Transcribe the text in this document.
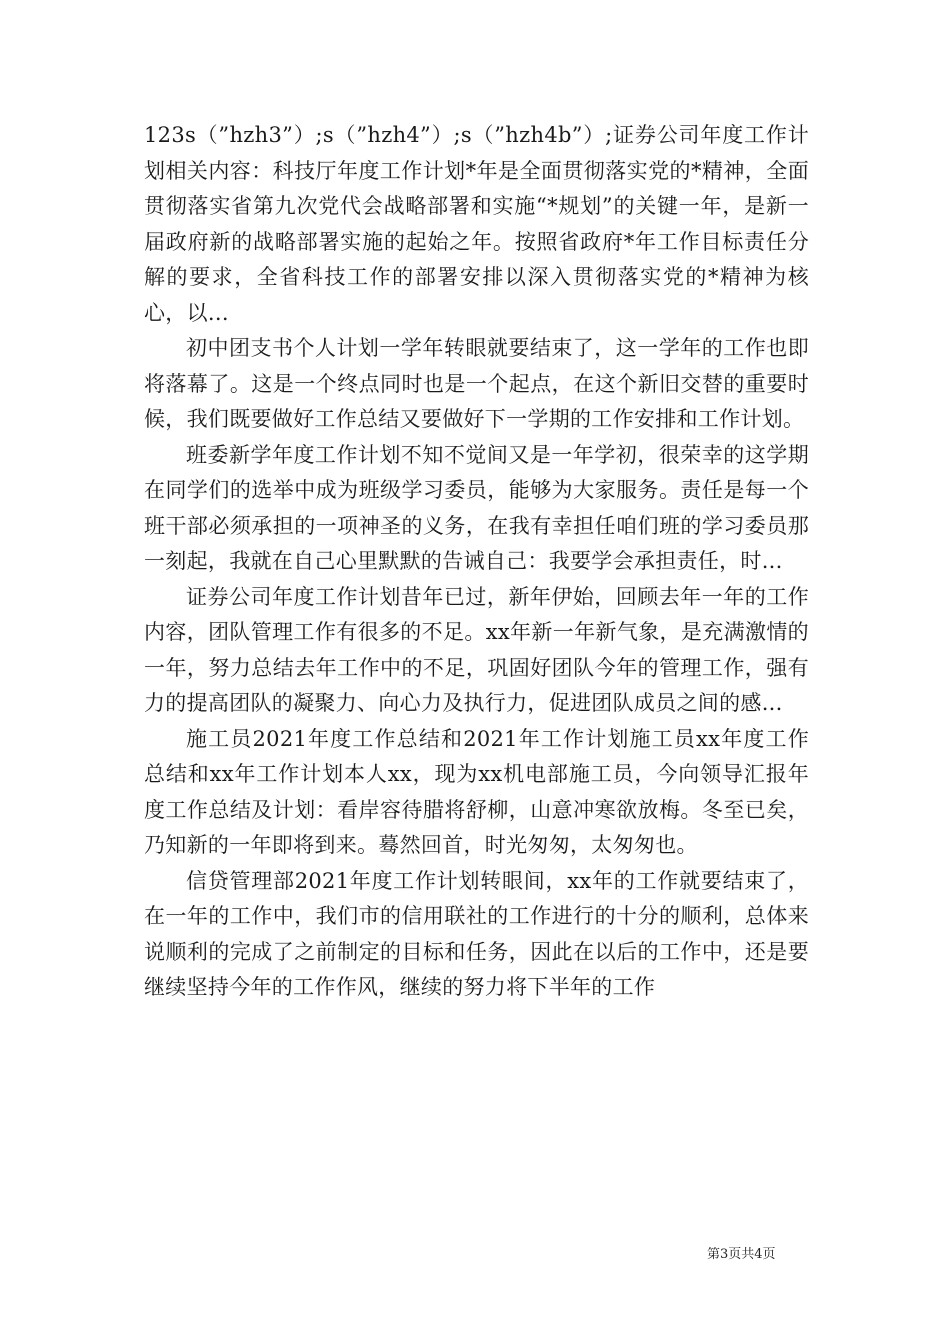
123s（”hzh3”）;s（”hzh4”）;s（”hzh4b”）;证券公司年度工作计划相关内容：科技厅年度工作计划*年是全面贯彻落实党的*精神，全面贯彻落实省第九次党代会战略部署和实施“*规划”的关键一年，是新一届政府新的战略部署实施的起始之年。按照省政府*年工作目标责任分解的要求，全省科技工作的部署安排以深入贯彻落实党的*精神为核心，以...

初中团支书个人计划一学年转眼就要结束了，这一学年的工作也即将落幕了。这是一个终点同时也是一个起点，在这个新旧交替的重要时候，我们既要做好工作总结又要做好下一学期的工作安排和工作计划。

班委新学年度工作计划不知不觉间又是一年学初，很荣幸的这学期在同学们的选举中成为班级学习委员，能够为大家服务。责任是每一个班干部必须承担的一项神圣的义务，在我有幸担任咱们班的学习委员那一刻起，我就在自己心里默默的告诫自己：我要学会承担责任，时...

证券公司年度工作计划昔年已过，新年伊始，回顾去年一年的工作内容，团队管理工作有很多的不足。xx年新一年新气象，是充满激情的一年，努力总结去年工作中的不足，巩固好团队今年的管理工作，强有力的提高团队的凝聚力、向心力及执行力，促进团队成员之间的感...

施工员2021年度工作总结和2021年工作计划施工员xx年度工作总结和xx年工作计划本人xx，现为xx机电部施工员，今向领导汇报年度工作总结及计划：看岸容待腊将舒柳，山意冲寒欲放梅。冬至已矣，乃知新的一年即将到来。蓦然回首，时光匆匆，太匆匆也。

信贷管理部2021年度工作计划转眼间，xx年的工作就要结束了，在一年的工作中，我们市的信用联社的工作进行的十分的顺利，总体来说顺利的完成了之前制定的目标和任务，因此在以后的工作中，还是要继续坚持今年的工作作风，继续的努力将下半年的工作

第3页共4页
